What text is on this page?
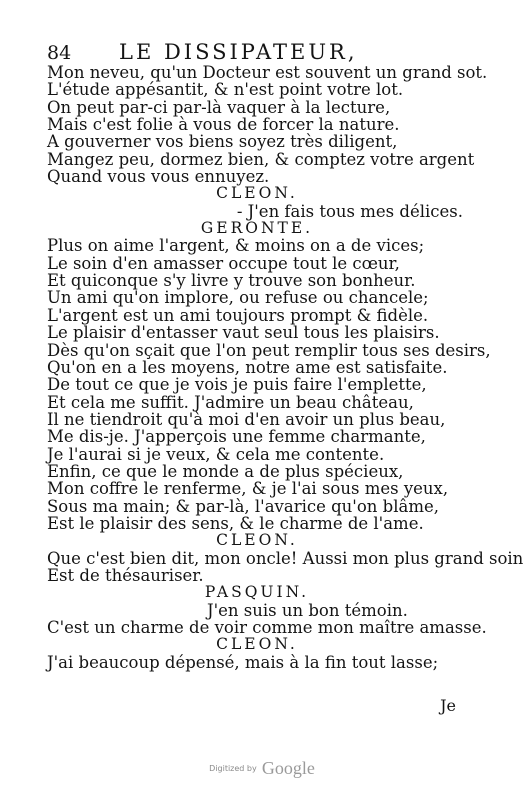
84 LE DISSIPATEUR,
Mon neveu, qu'un Docteur est souvent un grand sot.
L'étude appésantit, & n'est point votre lot.
On peut par-ci par-là vaquer à la lecture,
Mais c'est folie à vous de forcer la nature.
A gouverner vos biens soyez très diligent,
Mangez peu, dormez bien, & comptez votre argent
Quand vous vous ennuyez.
CLEON.
- J'en fais tous mes délices.
GERONTE.
Plus on aime l'argent, & moins on a de vices;
Le soin d'en amasser occupe tout le cœur,
Et quiconque s'y livre y trouve son bonheur.
Un ami qu'on implore, ou refuse ou chancele;
L'argent est un ami toujours prompt & fidèle.
Le plaisir d'entasser vaut seul tous les plaisirs.
Dès qu'on sçait que l'on peut remplir tous ses desirs,
Qu'on en a les moyens, notre ame est satisfaite.
De tout ce que je vois je puis faire l'emplette,
Et cela me suffit. J'admire un beau château,
Il ne tiendroit qu'à moi d'en avoir un plus beau,
Me dis-je. J'apperçois une femme charmante,
Je l'aurai si je veux, & cela me contente.
Enfin, ce que le monde a de plus spécieux,
Mon coffre le renferme, & je l'ai sous mes yeux,
Sous ma main; & par-là, l'avarice qu'on blâme,
Est le plaisir des sens, & le charme de l'ame.
CLEON.
Que c'est bien dit, mon oncle! Aussi mon plus grand soin
Est de thésauriser.
PASQUIN.
J'en suis un bon témoin.
C'est un charme de voir comme mon maître amasse.
CLEON.
J'ai beaucoup dépensé, mais à la fin tout lasse;
Je
Digitized by Google
